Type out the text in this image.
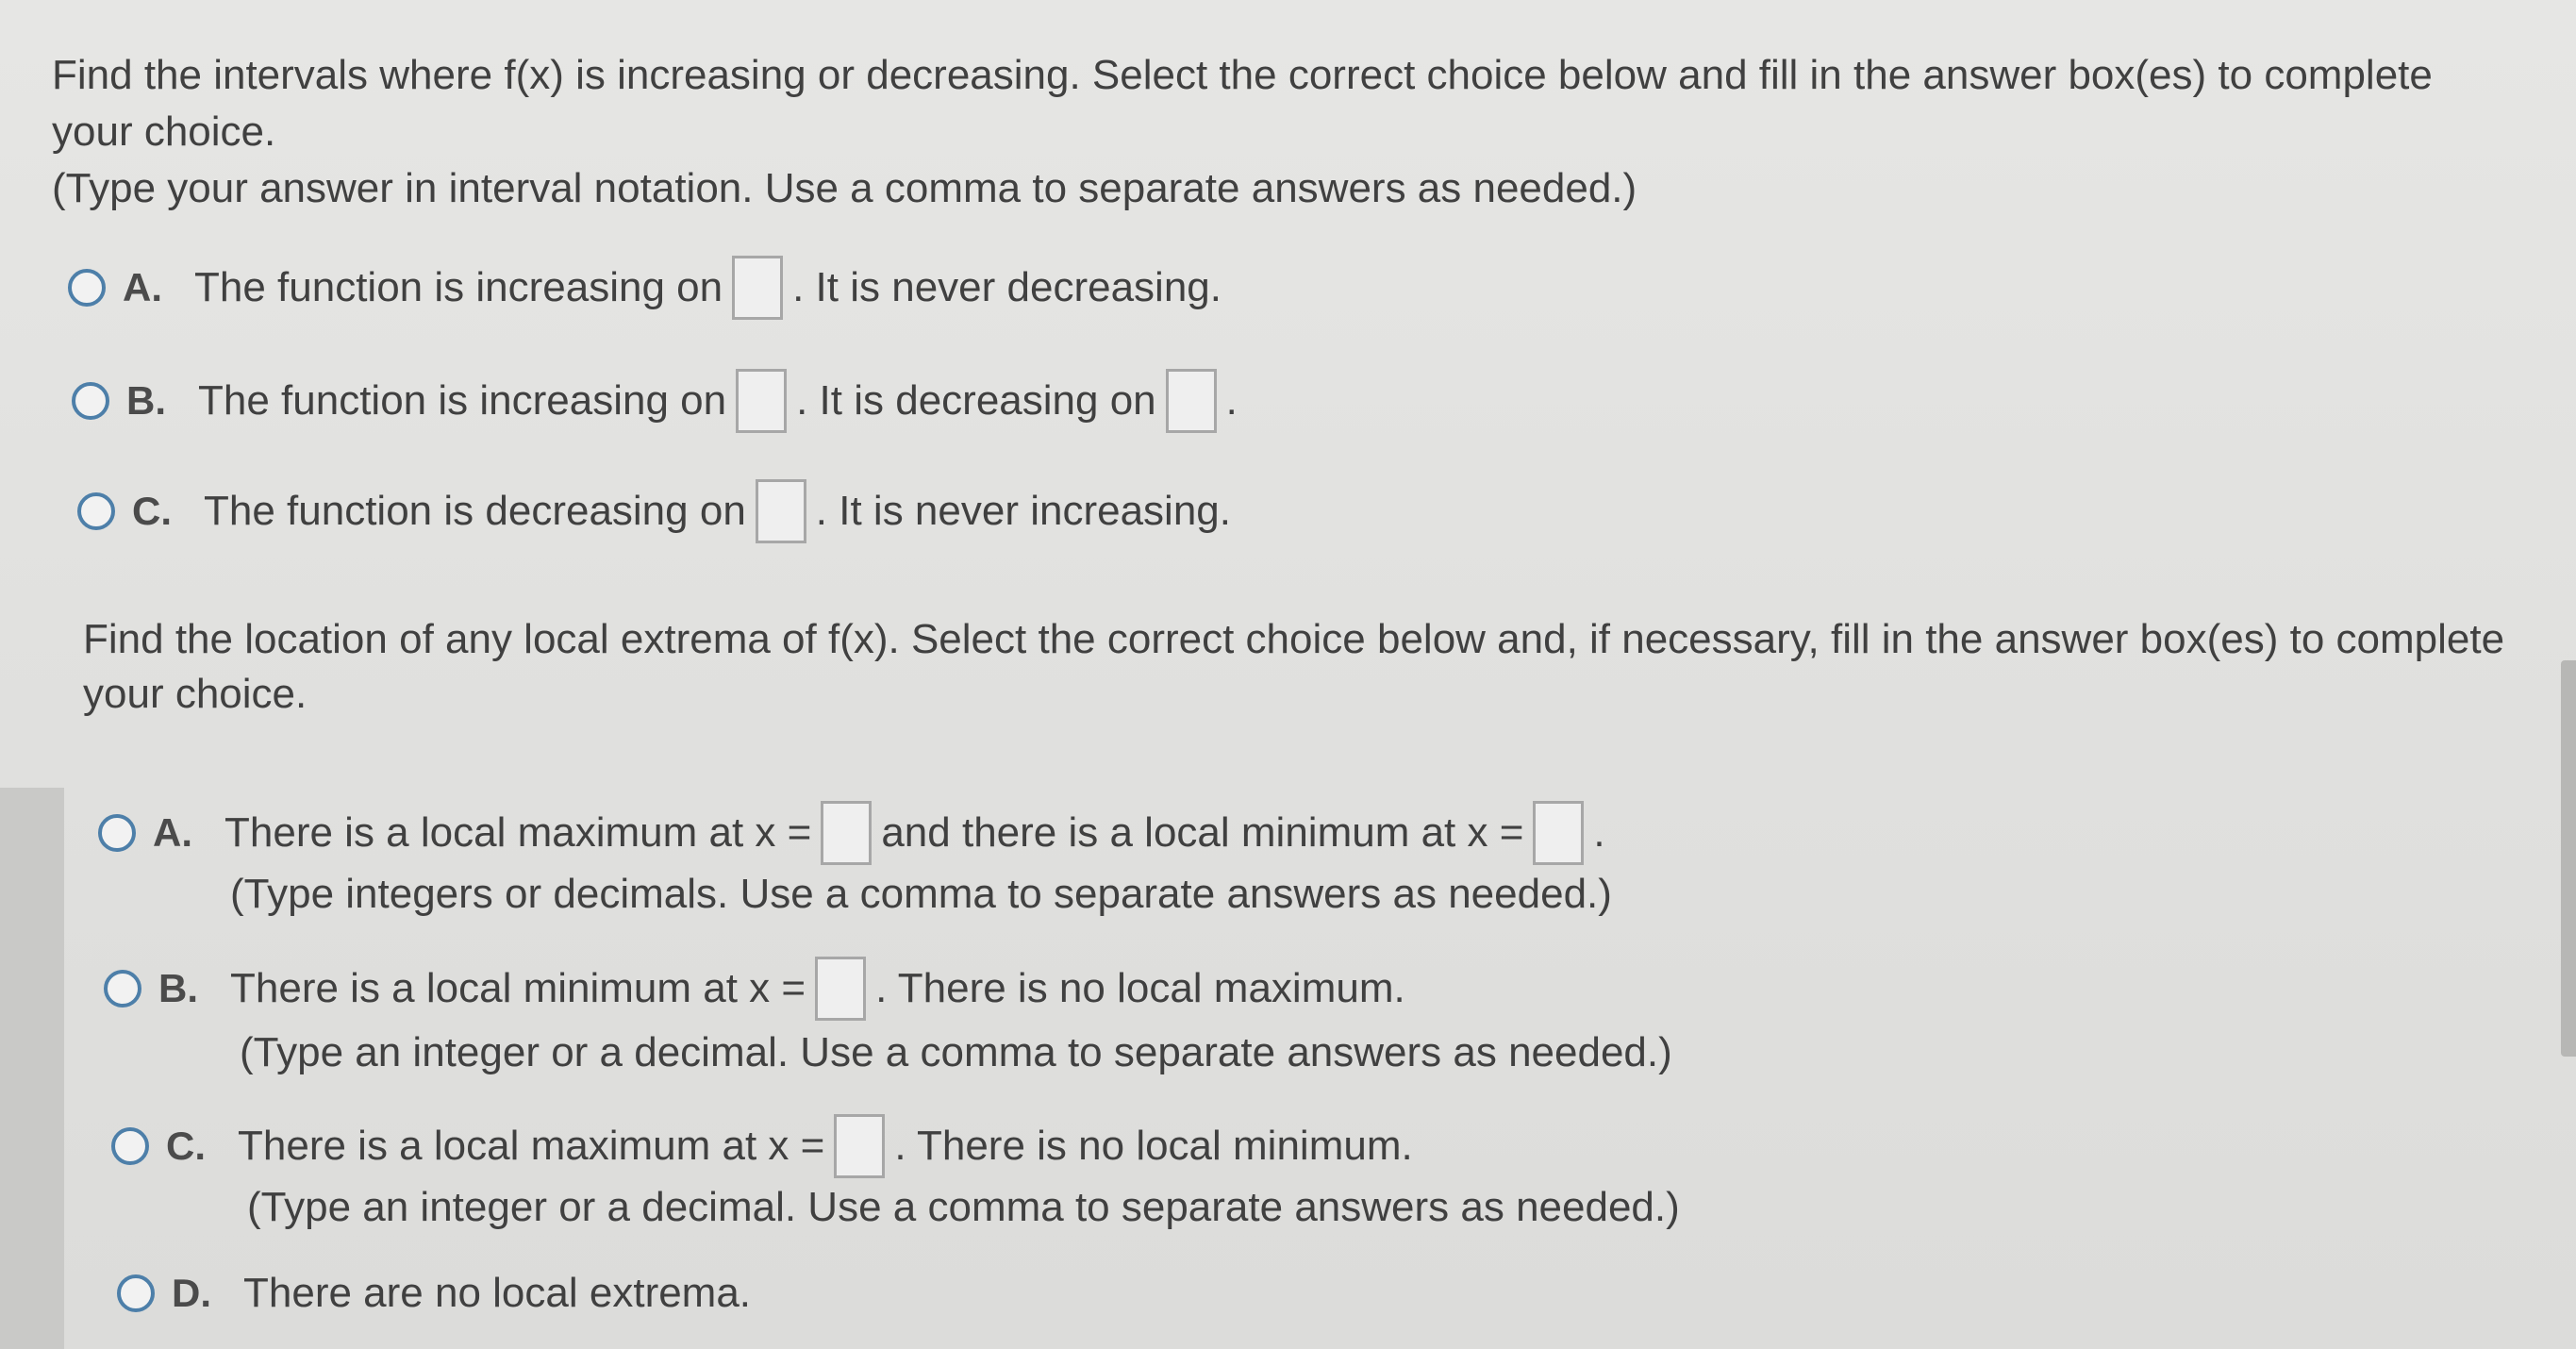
Find the intervals where f(x) is increasing or decreasing. Select the correct choice below and fill in the answer box(es) to complete
your choice.
(Type your answer in interval notation. Use a comma to separate answers as needed.)
A. The function is increasing on . It is never decreasing.
B. The function is increasing on . It is decreasing on .
C. The function is decreasing on . It is never increasing.
Find the location of any local extrema of f(x). Select the correct choice below and, if necessary, fill in the answer box(es) to complete
your choice.
A. There is a local maximum at x = and there is a local minimum at x = .
(Type integers or decimals. Use a comma to separate answers as needed.)
B. There is a local minimum at x = . There is no local maximum.
(Type an integer or a decimal. Use a comma to separate answers as needed.)
C. There is a local maximum at x = . There is no local minimum.
(Type an integer or a decimal. Use a comma to separate answers as needed.)
D. There are no local extrema.
